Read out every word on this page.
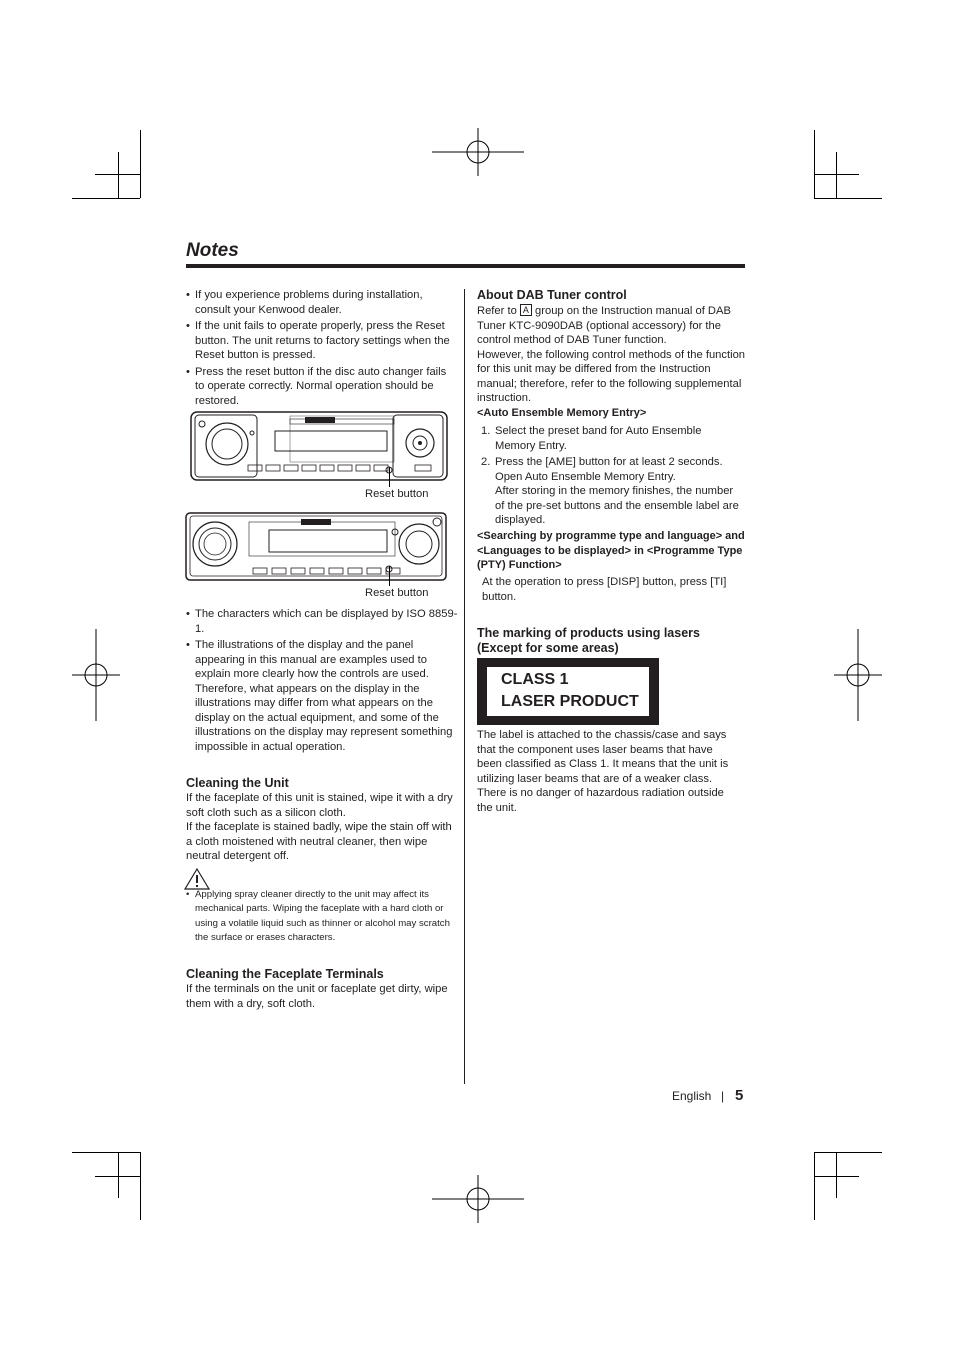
Notes
• If you experience problems during installation, consult your Kenwood dealer.
• If the unit fails to operate properly, press the Reset button. The unit returns to factory settings when the Reset button is pressed.
• Press the reset button if the disc auto changer fails to operate correctly. Normal operation should be restored.
Reset button
Reset button
• The characters which can be displayed by ISO 8859-1.
• The illustrations of the display and the panel appearing in this manual are examples used to explain more clearly how the controls are used. Therefore, what appears on the display in the illustrations may differ from what appears on the display on the actual equipment, and some of the illustrations on the display may represent something impossible in actual operation.
Cleaning the Unit
If the faceplate of this unit is stained, wipe it with a dry soft cloth such as a silicon cloth.
If the faceplate is stained badly, wipe the stain off with a cloth moistened with neutral cleaner, then wipe neutral detergent off.
• Applying spray cleaner directly to the unit may affect its mechanical parts. Wiping the faceplate with a hard cloth or using a volatile liquid such as thinner or alcohol may scratch the surface or erases characters.
Cleaning the Faceplate Terminals
If the terminals on the unit or faceplate get dirty, wipe them with a dry, soft cloth.
About DAB Tuner control
Refer to A group on the Instruction manual of DAB Tuner KTC-9090DAB (optional accessory) for the control method of DAB Tuner function.
However, the following control methods of the function for this unit may be differed from the Instruction manual; therefore, refer to the following supplemental instruction.
<Auto Ensemble Memory Entry>
1. Select the preset band for Auto Ensemble Memory Entry.
2. Press the [AME] button for at least 2 seconds.
Open Auto Ensemble Memory Entry.
After storing in the memory finishes, the number of the pre-set buttons and the ensemble label are displayed.
<Searching by programme type and language> and <Languages to be displayed> in <Programme Type (PTY) Function>
At the operation to press [DISP] button, press [TI] button.
The marking of products using lasers (Except for some areas)
CLASS 1
LASER PRODUCT
The label is attached to the chassis/case and says that the component uses laser beams that have been classified as Class 1. It means that the unit is utilizing laser beams that are of a weaker class. There is no danger of hazardous radiation outside the unit.
English | 5
